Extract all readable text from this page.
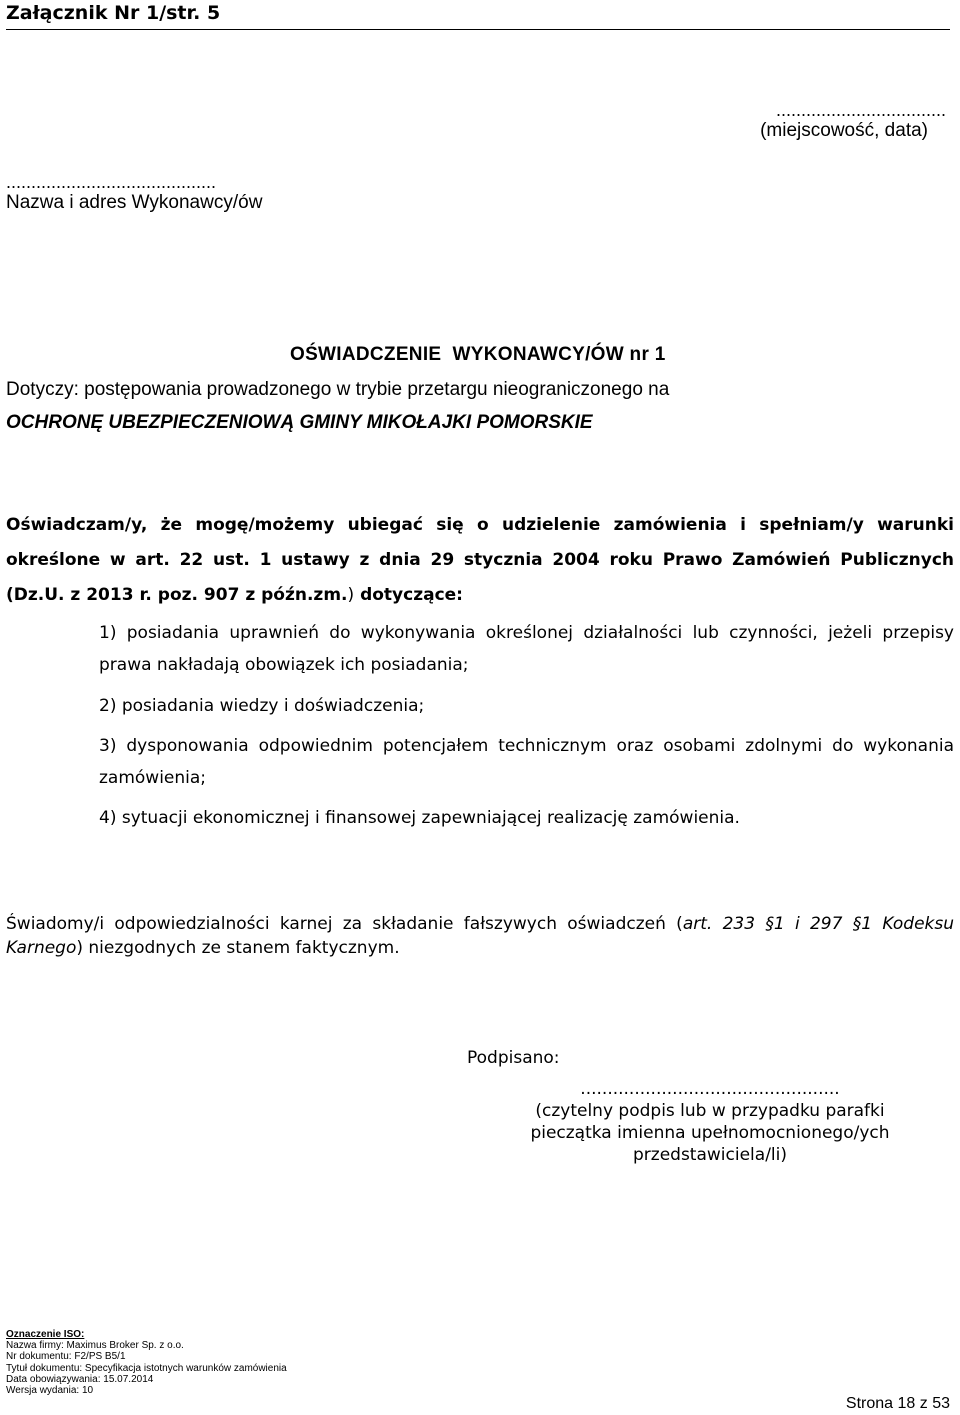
Załącznik Nr 1/str. 5
..................................
(miejscowość, data)
..........................................
Nazwa i adres Wykonawcy/ów
OŚWIADCZENIE  WYKONAWCY/ÓW nr 1
Dotyczy: postępowania prowadzonego w trybie przetargu nieograniczonego na
OCHRONĘ UBEZPIECZENIOWĄ GMINY MIKOŁAJKI POMORSKIE
Oświadczam/y, że mogę/możemy ubiegać się o udzielenie zamówienia i spełniam/y warunki określone w art. 22 ust. 1 ustawy z dnia 29 stycznia 2004 roku Prawo Zamówień Publicznych (Dz.U. z 2013 r. poz. 907 z późn.zm.) dotyczące:
1) posiadania uprawnień do wykonywania określonej działalności lub czynności, jeżeli przepisy prawa nakładają obowiązek ich posiadania;
2) posiadania wiedzy i doświadczenia;
3) dysponowania odpowiednim potencjałem technicznym oraz osobami zdolnymi do wykonania zamówienia;
4) sytuacji ekonomicznej i finansowej zapewniającej realizację zamówienia.
Świadomy/i odpowiedzialności karnej za składanie fałszywych oświadczeń (art. 233 §1 i 297 §1 Kodeksu Karnego) niezgodnych ze stanem faktycznym.
Podpisano:
................................................
(czytelny podpis lub w przypadku parafki
pieczątka imienna upełnomocnionego/ych
przedstawiciela/li)
Oznaczenie ISO:
Nazwa firmy: Maximus Broker Sp. z o.o.
Nr dokumentu: F2/PS B5/1
Tytuł dokumentu: Specyfikacja istotnych warunków zamówienia
Data obowiązywania: 15.07.2014
Wersja wydania: 10
Strona 18 z 53
